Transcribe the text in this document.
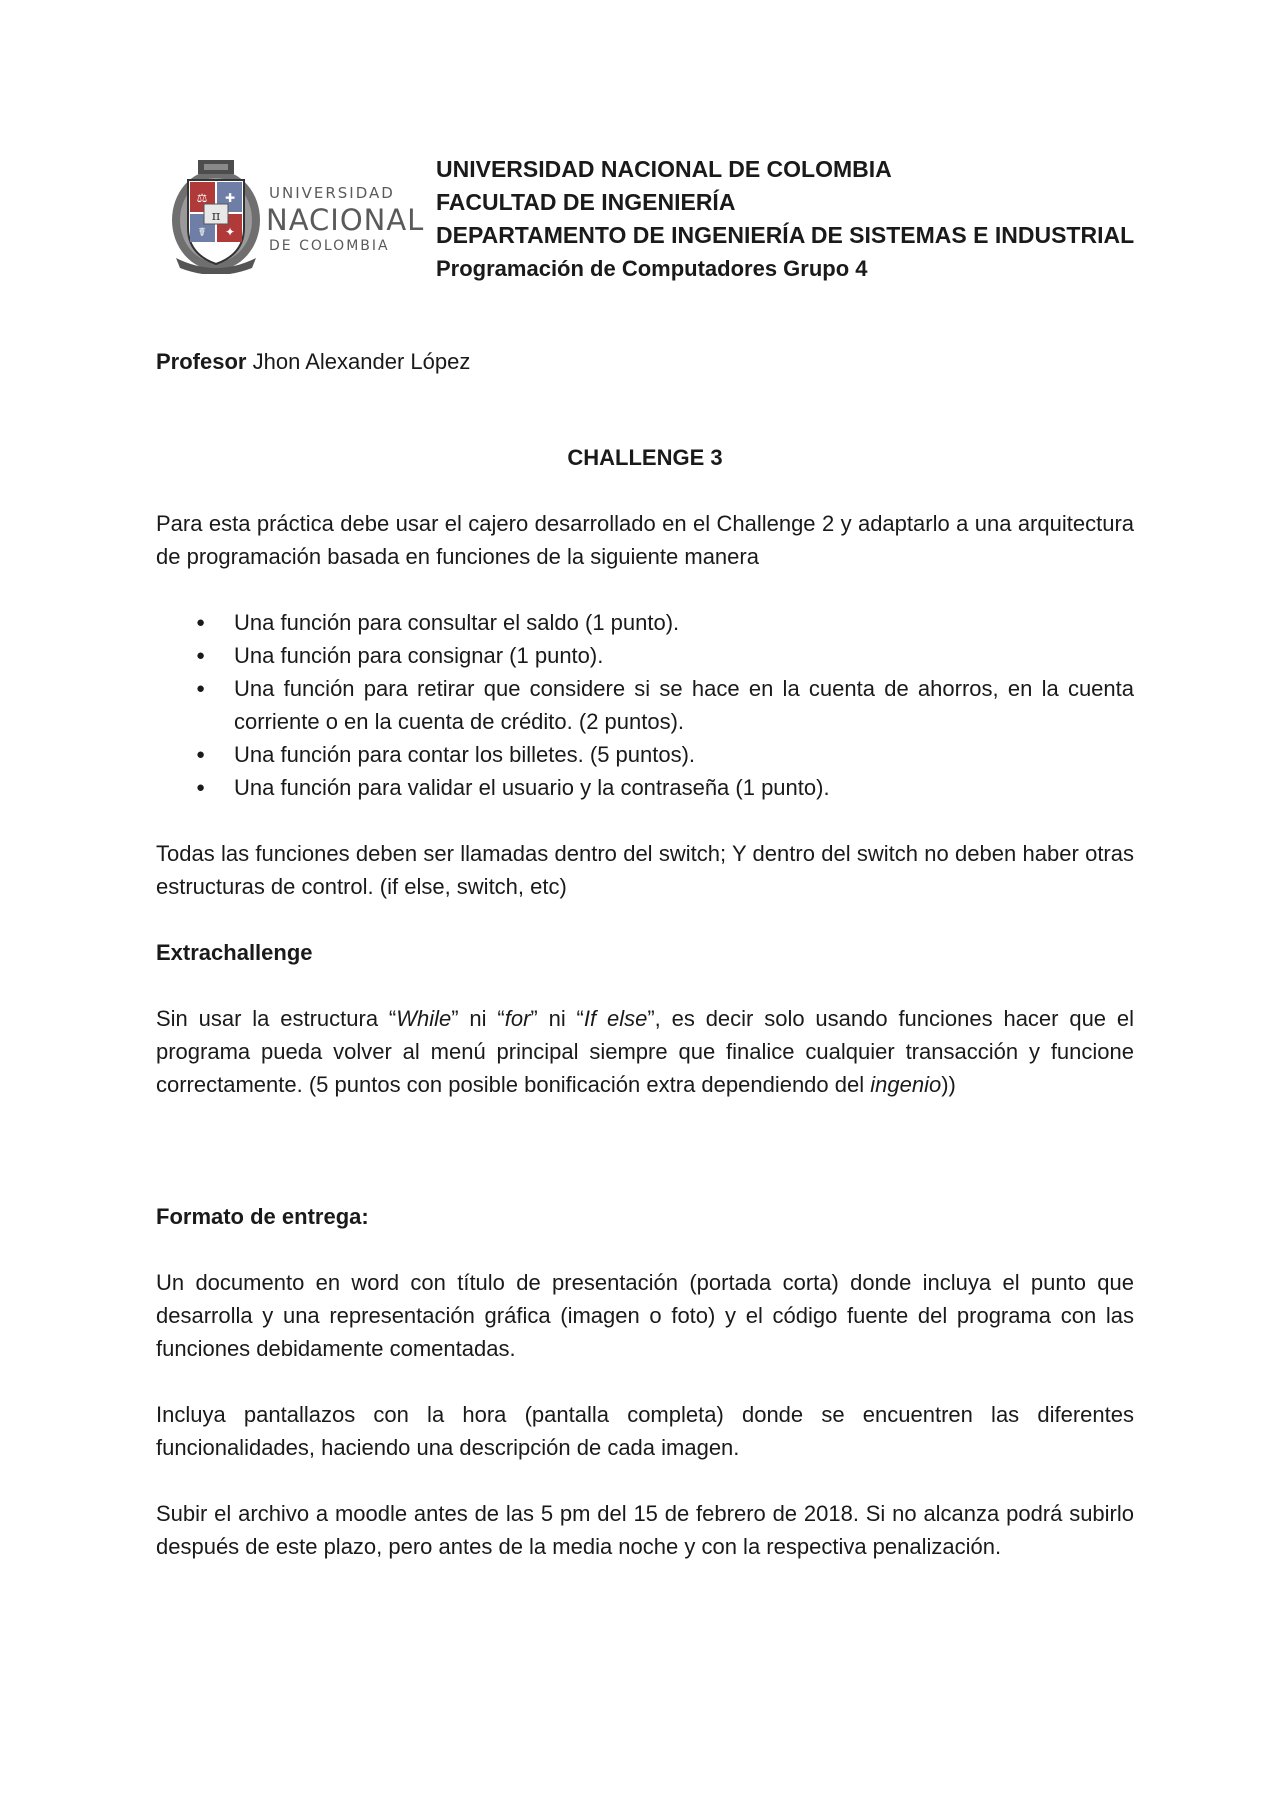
π
⚖ ✚
☤ ✦
UNIVERSIDAD
NACIONAL
DE COLOMBIA
UNIVERSIDAD NACIONAL DE COLOMBIA
FACULTAD DE INGENIERÍA
DEPARTAMENTO DE INGENIERÍA DE SISTEMAS E INDUSTRIAL
Programación de Computadores Grupo 4

Profesor Jhon Alexander López

CHALLENGE 3

Para esta práctica debe usar el cajero desarrollado en el Challenge 2 y adaptarlo a una arquitectura de programación basada en funciones de la siguiente manera

● Una función para consultar el saldo (1 punto).
● Una función para consignar (1 punto).
● Una función para retirar que considere si se hace en la cuenta de ahorros, en la cuenta corriente o en la cuenta de crédito. (2 puntos).
● Una función para contar los billetes. (5 puntos).
● Una función para validar el usuario y la contraseña (1 punto).

Todas las funciones deben ser llamadas dentro del switch; Y dentro del switch no deben haber otras estructuras de control. (if else, switch, etc)

Extrachallenge

Sin usar la estructura “While” ni “for” ni “If else”, es decir solo usando funciones hacer que el programa pueda volver al menú principal siempre que finalice cualquier transacción y funcione correctamente. (5 puntos con posible bonificación extra dependiendo del ingenio))

Formato de entrega:

Un documento en word con título de presentación (portada corta) donde incluya el punto que desarrolla y una representación gráfica (imagen o foto) y el código fuente del programa con las funciones debidamente comentadas.

Incluya pantallazos con la hora (pantalla completa) donde se encuentren las diferentes funcionalidades, haciendo una descripción de cada imagen.

Subir el archivo a moodle antes de las 5 pm del 15 de febrero de 2018. Si no alcanza podrá subirlo después de este plazo, pero antes de la media noche y con la respectiva penalización.
